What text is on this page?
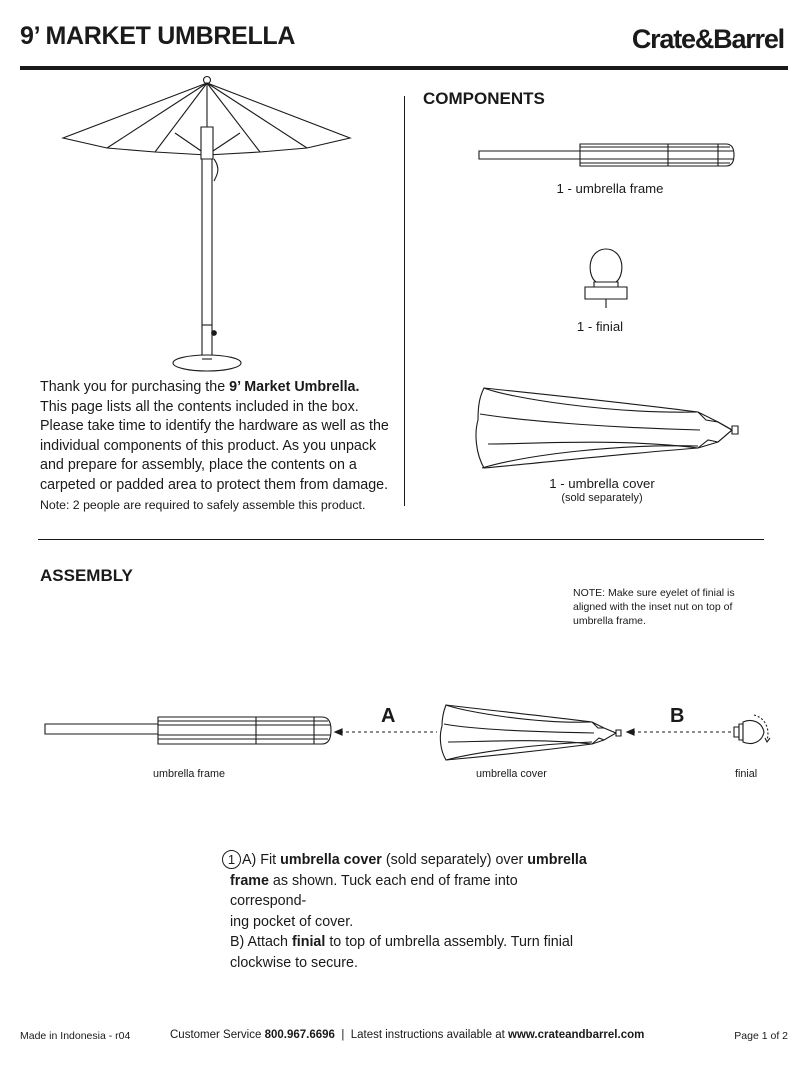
9’ MARKET UMBRELLA	Crate&Barrel
Thank you for purchasing the 9’ Market Umbrella.
This page lists all the contents included in the box.
Please take time to identify the hardware as well as the
individual components of this product. As you unpack
and prepare for assembly, place the contents on a
carpeted or padded area to protect them from damage.
Note: 2 people are required to safely assemble this product.
COMPONENTS
1 - umbrella frame
1 - finial
1 - umbrella cover
(sold separately)
ASSEMBLY
NOTE: Make sure eyelet of finial is
aligned with the inset nut on top of
umbrella frame.
A	B
umbrella frame	umbrella cover	finial
1 A) Fit umbrella cover (sold separately) over umbrella
frame as shown. Tuck each end of frame into correspond-
ing pocket of cover.
B) Attach finial to top of umbrella assembly. Turn finial
clockwise to secure.
Made in Indonesia - r04	Customer Service 800.967.6696  |  Latest instructions available at www.crateandbarrel.com	Page 1 of 2
